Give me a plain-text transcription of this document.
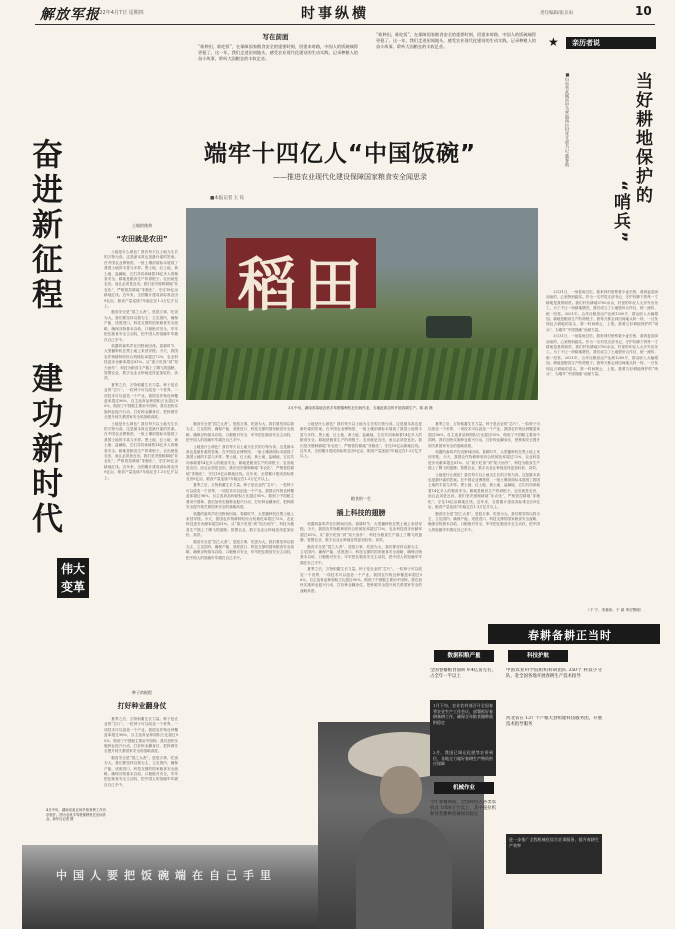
解放军报
2022年4月7日 星期四	时事纵横	责任编辑/张京雨	10
奋进新征程
建功新时代
伟大变革
中国人要把饭碗端在自己手里
4月中旬，湖南省某农场早稻育秧工作有序展开。图为农机手驾驶插秧机在田间作业。新华社记者 摄
写在前面
“谁种田，谁吃饭”，在保障国家粮食安全的重要时刻，回望来时路，中国人的饭碗端得更稳了。这一年，我们走进田间地头，感受农业现代化建设的生动实践，记录种粮人的奋斗故事，聆听大国粮仓的丰收足音。
“谁种田，谁吃饭”，在保障国家粮食安全的重要时刻，回望来时路，中国人的饭碗端得更稳了。这一年，我们走进田间地头，感受农业现代化建设的生动实践，记录种粮人的奋斗故事，聆听大国粮仓的丰收足音。
端牢十四亿人“中国饭碗”
——推进农业现代化建设保障国家粮食安全闻思录
■本报记者 王 钰
土地的使命
“农田就是农田”

土地是什么颜色？我们每天以土地为生长的万物为食。这是最本真也是最朴素的答案。在中国农业博物馆，一组土壤剖面标本展现了我国土地的丰富与多样。黑土地、红土地、黄土地、盐碱地，它们共同承载着14亿多人的粮食安全。耕地是粮食生产的命根子。农田就是农田，而且必须是良田。我们坚决遏制耕地“非农化”，严格管控耕地“非粮化”，守住18亿亩耕地红线。近年来，全国累计建成高标准农田9亿亩，粮食产量连续7年稳定在1.3万亿斤以上。

粮食安全是“国之大者”。悠悠万事，吃饭为大。我们要坚持以我为主、立足国内、确保产能、适度进口、科技支撑的国家粮食安全战略，确保谷物基本自给、口粮绝对安全，牢牢把住粮食安全主动权，把中国人的饭碗牢牢端在自己手中。

机器的轰鸣声在田野间回荡。春耕时节，大型播种机在黑土地上来回穿梭。今天，我国农作物耕种收综合机械化率超过72%，农业科技进步贡献率超过61%。从“靠天吃饭”到“知天而作”，科技为粮食生产插上了腾飞的翅膀。智慧农业、数字农业让种地变得更加轻松、高效。

夏季之后，万物积蓄生长力量。种子是农业的“芯片”。一粒种子可以改变一个世界，一项技术可以创造一个产业。我国农作物良种覆盖率超过96%，自主选育品种面积占比超过95%，做到了中国粮主要用中国种。我们加快实施种业振兴行动，打好种业翻身仗，把种源安全提升到关系国家安全的战略高度。

土地是什么颜色？我们每天以土地为生长的万物为食。这是最本真也是最朴素的答案。在中国农业博物馆，一组土壤剖面标本展现了我国土地的丰富与多样。黑土地、红土地、黄土地、盐碱地，它们共同承载着14亿多人的粮食安全。耕地是粮食生产的命根子。农田就是农田，而且必须是良田。我们坚决遏制耕地“非农化”，严格管控耕地“非粮化”，守住18亿亩耕地红线。近年来，全国累计建成高标准农田9亿亩，粮食产量连续7年稳定在1.3万亿斤以上。

种子的根程
打好种业翻身仗

夏季之后，万物积蓄生长力量。种子是农业的“芯片”。一粒种子可以改变一个世界，一项技术可以创造一个产业。我国农作物良种覆盖率超过96%，自主选育品种面积占比超过95%，做到了中国粮主要用中国种。我们加快实施种业振兴行动，打好种业翻身仗，把种源安全提升到关系国家安全的战略高度。

粮食安全是“国之大者”。悠悠万事，吃饭为大。我们要坚持以我为主、立足国内、确保产能、适度进口、科技支撑的国家粮食安全战略，确保谷物基本自给、口粮绝对安全，牢牢把住粮食安全主动权，把中国人的饭碗牢牢端在自己手中。

稻田
3月中旬，湖南省某地农机手驾驶插秧机在田间作业，当地抢抓农时开展春耕生产。陈 新 摄

粮食安全是“国之大者”。悠悠万事，吃饭为大。我们要坚持以我为主、立足国内、确保产能、适度进口、科技支撑的国家粮食安全战略，确保谷物基本自给、口粮绝对安全，牢牢把住粮食安全主动权，把中国人的饭碗牢牢端在自己手中。

土地是什么颜色？我们每天以土地为生长的万物为食。这是最本真也是最朴素的答案。在中国农业博物馆，一组土壤剖面标本展现了我国土地的丰富与多样。黑土地、红土地、黄土地、盐碱地，它们共同承载着14亿多人的粮食安全。耕地是粮食生产的命根子。农田就是农田，而且必须是良田。我们坚决遏制耕地“非农化”，严格管控耕地“非粮化”，守住18亿亩耕地红线。近年来，全国累计建成高标准农田9亿亩，粮食产量连续7年稳定在1.3万亿斤以上。

夏季之后，万物积蓄生长力量。种子是农业的“芯片”。一粒种子可以改变一个世界，一项技术可以创造一个产业。我国农作物良种覆盖率超过96%，自主选育品种面积占比超过95%，做到了中国粮主要用中国种。我们加快实施种业振兴行动，打好种业翻身仗，把种源安全提升到关系国家安全的战略高度。

机器的轰鸣声在田野间回荡。春耕时节，大型播种机在黑土地上来回穿梭。今天，我国农作物耕种收综合机械化率超过72%，农业科技进步贡献率超过61%。从“靠天吃饭”到“知天而作”，科技为粮食生产插上了腾飞的翅膀。智慧农业、数字农业让种地变得更加轻松、高效。

粮食安全是“国之大者”。悠悠万事，吃饭为大。我们要坚持以我为主、立足国内、确保产能、适度进口、科技支撑的国家粮食安全战略，确保谷物基本自给、口粮绝对安全，牢牢把住粮食安全主动权，把中国人的饭碗牢牢端在自己手中。

土地是什么颜色？我们每天以土地为生长的万物为食。这是最本真也是最朴素的答案。在中国农业博物馆，一组土壤剖面标本展现了我国土地的丰富与多样。黑土地、红土地、黄土地、盐碱地，它们共同承载着14亿多人的粮食安全。耕地是粮食生产的命根子。农田就是农田，而且必须是良田。我们坚决遏制耕地“非农化”，严格管控耕地“非粮化”，守住18亿亩耕地红线。近年来，全国累计建成高标准农田9亿亩，粮食产量连续7年稳定在1.3万亿斤以上。

粮食的一生
插上科技的翅膀

机器的轰鸣声在田野间回荡。春耕时节，大型播种机在黑土地上来回穿梭。今天，我国农作物耕种收综合机械化率超过72%，农业科技进步贡献率超过61%。从“靠天吃饭”到“知天而作”，科技为粮食生产插上了腾飞的翅膀。智慧农业、数字农业让种地变得更加轻松、高效。

粮食安全是“国之大者”。悠悠万事，吃饭为大。我们要坚持以我为主、立足国内、确保产能、适度进口、科技支撑的国家粮食安全战略，确保谷物基本自给、口粮绝对安全，牢牢把住粮食安全主动权，把中国人的饭碗牢牢端在自己手中。

夏季之后，万物积蓄生长力量。种子是农业的“芯片”。一粒种子可以改变一个世界，一项技术可以创造一个产业。我国农作物良种覆盖率超过96%，自主选育品种面积占比超过95%，做到了中国粮主要用中国种。我们加快实施种业振兴行动，打好种业翻身仗，把种源安全提升到关系国家安全的战略高度。

夏季之后，万物积蓄生长力量。种子是农业的“芯片”。一粒种子可以改变一个世界，一项技术可以创造一个产业。我国农作物良种覆盖率超过96%，自主选育品种面积占比超过95%，做到了中国粮主要用中国种。我们加快实施种业振兴行动，打好种业翻身仗，把种源安全提升到关系国家安全的战略高度。

机器的轰鸣声在田野间回荡。春耕时节，大型播种机在黑土地上来回穿梭。今天，我国农作物耕种收综合机械化率超过72%，农业科技进步贡献率超过61%。从“靠天吃饭”到“知天而作”，科技为粮食生产插上了腾飞的翅膀。智慧农业、数字农业让种地变得更加轻松、高效。

土地是什么颜色？我们每天以土地为生长的万物为食。这是最本真也是最朴素的答案。在中国农业博物馆，一组土壤剖面标本展现了我国土地的丰富与多样。黑土地、红土地、黄土地、盐碱地，它们共同承载着14亿多人的粮食安全。耕地是粮食生产的命根子。农田就是农田，而且必须是良田。我们坚决遏制耕地“非农化”，严格管控耕地“非粮化”，守住18亿亩耕地红线。近年来，全国累计建成高标准农田9亿亩，粮食产量连续7年稳定在1.3万亿斤以上。

粮食安全是“国之大者”。悠悠万事，吃饭为大。我们要坚持以我为主、立足国内、确保产能、适度进口、科技支撑的国家粮食安全战略，确保谷物基本自给、口粮绝对安全，牢牢把住粮食安全主动权，把中国人的饭碗牢牢端在自己手中。

★	亲历者说
当好耕地保护的
“哨兵”
■山东省武城县甲马营镇西拉村党支部书记 董春霞

3月31日，一场春雨过后，我来到村里察看小麦长势，看到麦苗绿油油的，心里特别踏实。作为一名村党支部书记，守护好脚下的每一寸耕地是我的职责。我们村有耕地3700余亩，村里的年轻人大多外出务工。为了不让一块耕地撂荒，我们成立了土地股份合作社，统一流转、统一经营。2021年，合作社粮食亩产达到1200斤，群众收入大幅增加。耕地是粮食生产的命根子。我每天都会到田间地头转一转，一旦发现乱占耕地的苗头，第一时间制止、上报。我要当好耕地保护的“哨兵”，为端牢“中国饭碗”贡献力量。

3月31日，一场春雨过后，我来到村里察看小麦长势，看到麦苗绿油油的，心里特别踏实。作为一名村党支部书记，守护好脚下的每一寸耕地是我的职责。我们村有耕地3700余亩，村里的年轻人大多外出务工。为了不让一块耕地撂荒，我们成立了土地股份合作社，统一流转、统一经营。2021年，合作社粮食亩产达到1200斤，群众收入大幅增加。耕地是粮食生产的命根子。我每天都会到田间地头转一转，一旦发现乱占耕地的苗头，第一时间制止、上报。我要当好耕地保护的“哨兵”，为端牢“中国饭碗”贡献力量。

（于 宁、李嘉伟、于 斌 采访整理）
春耕备耕正当时
数据积粮产量
全国春播粮食面积 9.4亿亩左右，占全年一半以上
1月下旬，农业农村部召开全国春季农业生产工作会议，部署抓好春耕备耕工作，确保全年粮食播种面积稳定
2月，我国已调运化肥等农资到位，各地全力做好春耕生产物资供应保障
机械作业
今年春播期间，全国将投入各类农机具 1000万台以上，其中拖拉机和各类播种机械保持稳定
科技护航
中国农业科学院组织科研团队 350个 科技小分队，赴全国各地开展春耕生产技术指导
河北省在 137 个产粮大县组建科技服务团，开展技术指导服务
进一步推广全程机械化综合农事服务，提升春耕生产效率
